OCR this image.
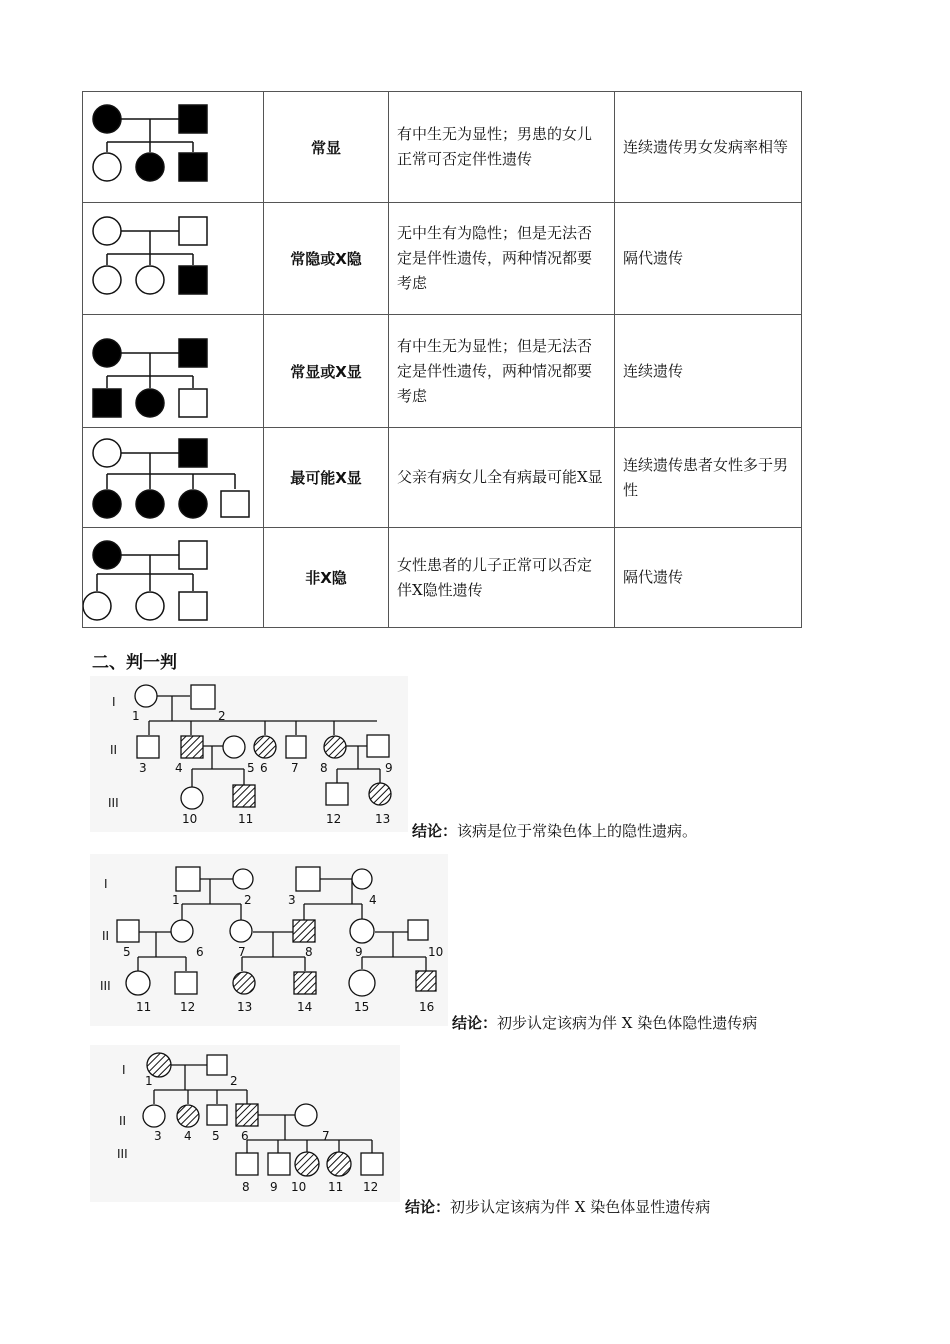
	常显	有中生无为显性；男患的女儿正常可否定伴性遗传	连续遗传男女发病率相等

	常隐或X隐	无中生有为隐性；但是无法否定是伴性遗传，两种情况都要考虑	隔代遗传

	常显或X显	有中生无为显性；但是无法否定是伴性遗传，两种情况都要考虑	连续遗传

	最可能X显	父亲有病女儿全有病最可能X显	连续遗传患者女性多于男性

	非X隐	女性患者的儿子正常可以否定伴X隐性遗传	隔代遗传
二、判一判
I
II
III
1	2
3 4	5 6 7 8	9
10	11	12	13
结论：该病是位于常染色体上的隐性遗病。
I
II
III
1	2	3	4
5	6	7	8	9	10
11 12	13	14	15	16
结论：初步认定该病为伴 X 染色体隐性遗传病
I
II
III
1	2
3 4 5 6	7
8 9 10 11 12
结论：初步认定该病为伴 X 染色体显性遗传病
